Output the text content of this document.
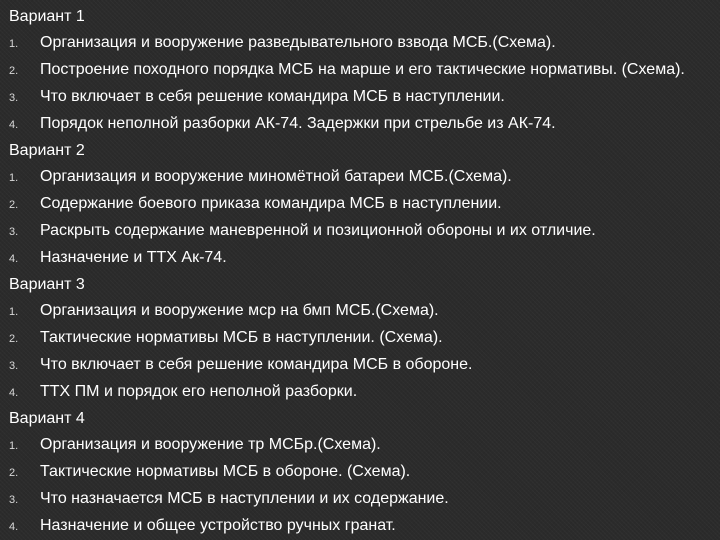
Вариант 1
1.	Организация и вооружение разведывательного взвода МСБ.(Схема).
2.	Построение походного порядка МСБ на марше и его тактические нормативы. (Схема).
3.	Что включает в себя решение командира МСБ в наступлении.
4.	Порядок неполной разборки АК-74. Задержки при стрельбе из АК-74.
Вариант 2
1.	Организация и вооружение миномётной батареи МСБ.(Схема).
2.	Содержание боевого приказа командира МСБ в наступлении.
3.	Раскрыть содержание маневренной и позиционной обороны и их отличие.
4.	Назначение и ТТХ Ак-74.
Вариант 3
1.	Организация и вооружение мср на бмп МСБ.(Схема).
2.	Тактические нормативы МСБ в наступлении. (Схема).
3.	Что включает в себя решение командира МСБ в обороне.
4.	ТТХ ПМ и порядок его неполной разборки.
Вариант 4
1.	Организация и вооружение тр МСБр.(Схема).
2.	Тактические нормативы МСБ в обороне. (Схема).
3.	Что назначается МСБ в наступлении и их содержание.
4.	Назначение и общее устройство ручных гранат.
